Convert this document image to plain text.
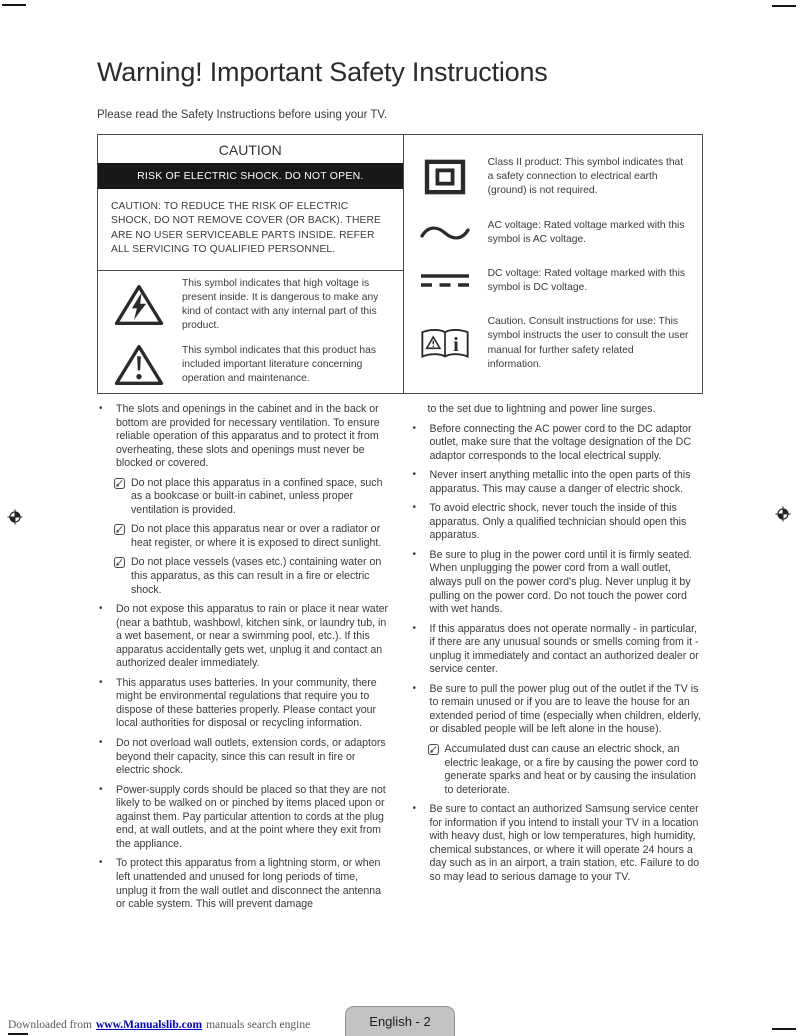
Warning! Important Safety Instructions
Please read the Safety Instructions before using your TV.
CAUTION
RISK OF ELECTRIC SHOCK. DO NOT OPEN.
CAUTION: TO REDUCE THE RISK OF ELECTRIC SHOCK, DO NOT REMOVE COVER (OR BACK). THERE ARE NO USER SERVICEABLE PARTS INSIDE. REFER ALL SERVICING TO QUALIFIED PERSONNEL.
This symbol indicates that high voltage is present inside. It is dangerous to make any kind of contact with any internal part of this product.
This symbol indicates that this product has included important literature concerning operation and maintenance.
Class II product: This symbol indicates that a safety connection to electrical earth (ground) is not required.
AC voltage: Rated voltage marked with this symbol is AC voltage.
DC voltage: Rated voltage marked with this symbol is DC voltage.
i
Caution. Consult instructions for use: This symbol instructs the user to consult the user manual for further safety related information.
•	The slots and openings in the cabinet and in the back or bottom are provided for necessary ventilation. To ensure reliable operation of this apparatus and to protect it from overheating, these slots and openings must never be blocked or covered.
Do not place this apparatus in a confined space, such as a bookcase or built-in cabinet, unless proper ventilation is provided.
Do not place this apparatus near or over a radiator or heat register, or where it is exposed to direct sunlight.
Do not place vessels (vases etc.) containing water on this apparatus, as this can result in a fire or electric shock.
•	Do not expose this apparatus to rain or place it near water (near a bathtub, washbowl, kitchen sink, or laundry tub, in a wet basement, or near a swimming pool, etc.). If this apparatus accidentally gets wet, unplug it and contact an authorized dealer immediately.
•	This apparatus uses batteries. In your community, there might be environmental regulations that require you to dispose of these batteries properly. Please contact your local authorities for disposal or recycling information.
•	Do not overload wall outlets, extension cords, or adaptors beyond their capacity, since this can result in fire or electric shock.
•	Power-supply cords should be placed so that they are not likely to be walked on or pinched by items placed upon or against them. Pay particular attention to cords at the plug end, at wall outlets, and at the point where they exit from the appliance.
•	To protect this apparatus from a lightning storm, or when left unattended and unused for long periods of time, unplug it from the wall outlet and disconnect the antenna or cable system. This will prevent damage
to the set due to lightning and power line surges.
•	Before connecting the AC power cord to the DC adaptor outlet, make sure that the voltage designation of the DC adaptor corresponds to the local electrical supply.
•	Never insert anything metallic into the open parts of this apparatus. This may cause a danger of electric shock.
•	To avoid electric shock, never touch the inside of this apparatus. Only a qualified technician should open this apparatus.
•	Be sure to plug in the power cord until it is firmly seated. When unplugging the power cord from a wall outlet, always pull on the power cord's plug. Never unplug it by pulling on the power cord. Do not touch the power cord with wet hands.
•	If this apparatus does not operate normally - in particular, if there are any unusual sounds or smells coming from it - unplug it immediately and contact an authorized dealer or service center.
•	Be sure to pull the power plug out of the outlet if the TV is to remain unused or if you are to leave the house for an extended period of time (especially when children, elderly, or disabled people will be left alone in the house).
Accumulated dust can cause an electric shock, an electric leakage, or a fire by causing the power cord to generate sparks and heat or by causing the insulation to deteriorate.
•	Be sure to contact an authorized Samsung service center for information if you intend to install your TV in a location with heavy dust, high or low temperatures, high humidity, chemical substances, or where it will operate 24 hours a day such as in an airport, a train station, etc. Failure to do so may lead to serious damage to your TV.
English - 2
Downloaded from www.Manualslib.com manuals search engine
